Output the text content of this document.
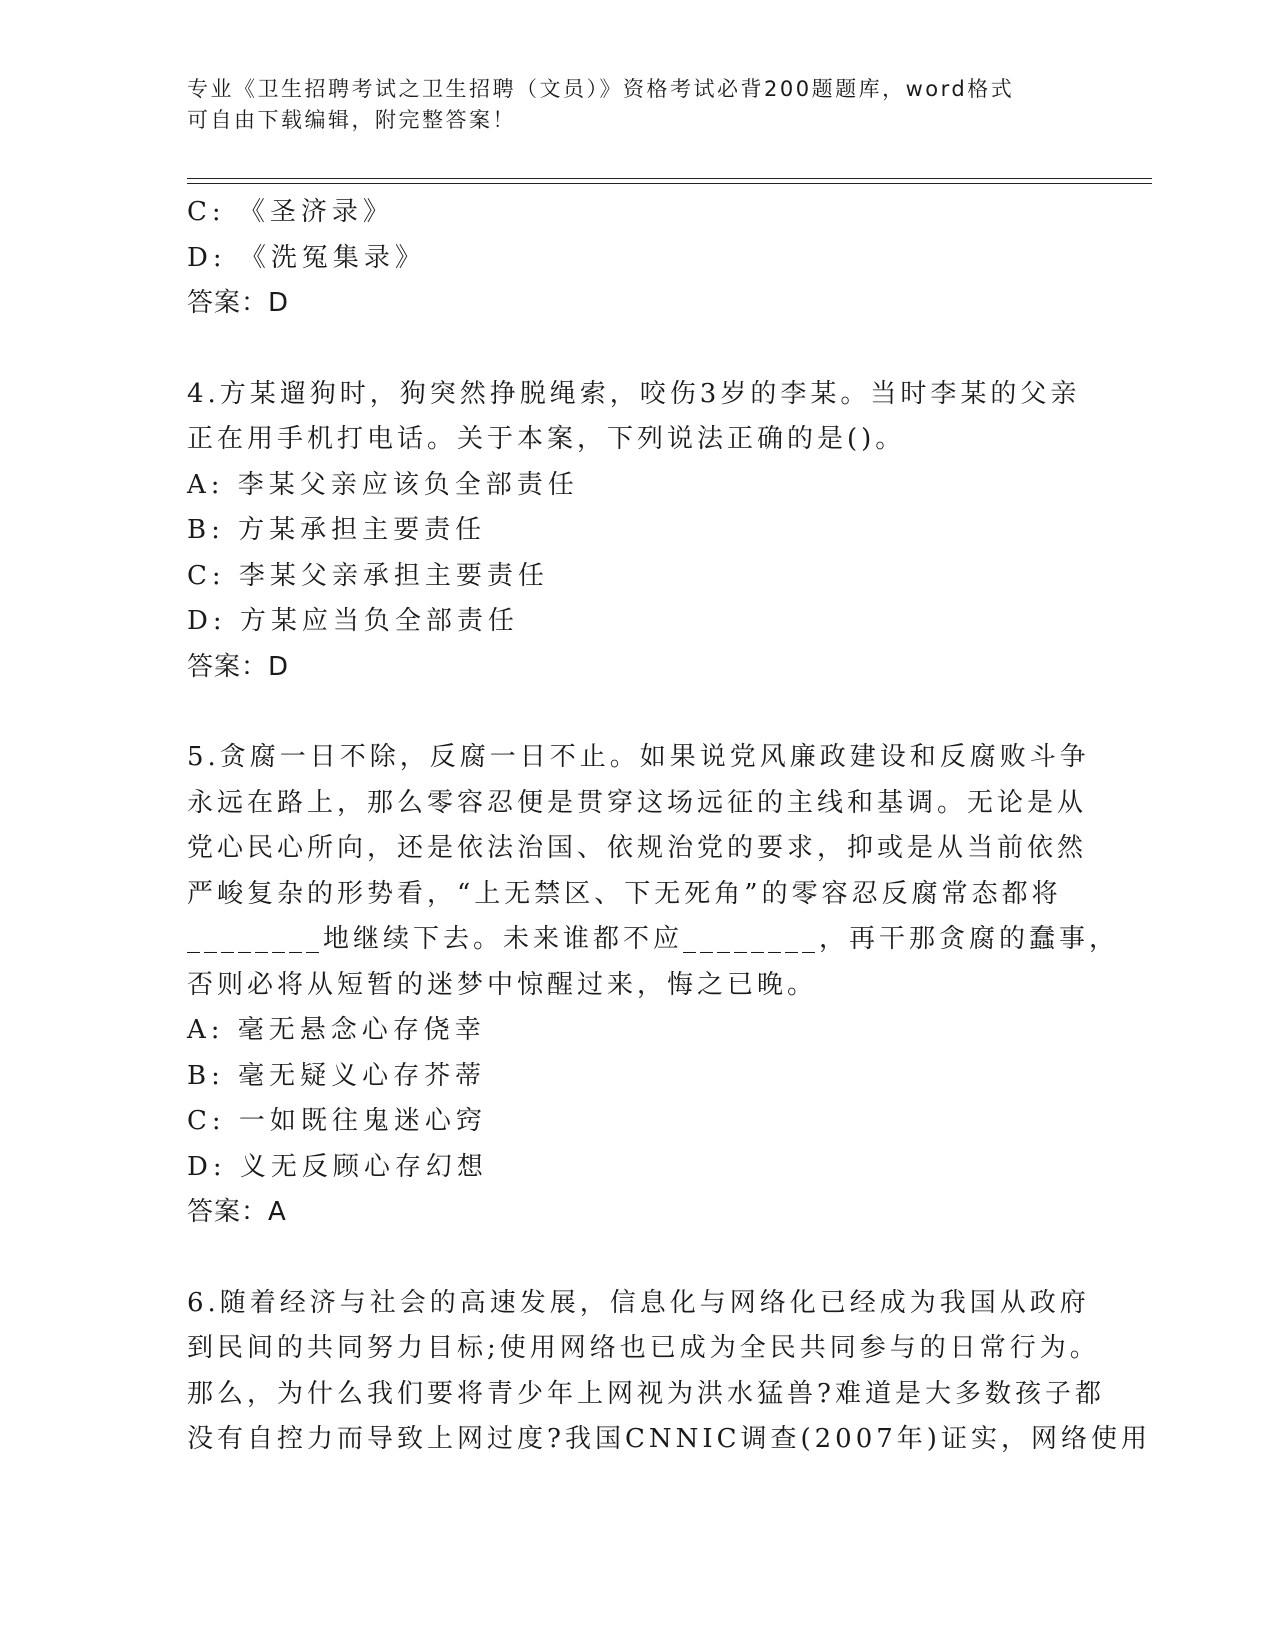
专业《卫生招聘考试之卫生招聘（文员）》资格考试必背200题题库，word格式
可自由下载编辑，附完整答案！

C: 《圣济录》

D: 《洗冤集录》

答案：D

4.方某遛狗时，狗突然挣脱绳索，咬伤3岁的李某。当时李某的父亲

正在用手机打电话。关于本案，下列说法正确的是()。

A: 李某父亲应该负全部责任

B: 方某承担主要责任

C: 李某父亲承担主要责任

D: 方某应当负全部责任

答案：D

5.贪腐一日不除，反腐一日不止。如果说党风廉政建设和反腐败斗争

永远在路上，那么零容忍便是贯穿这场远征的主线和基调。无论是从

党心民心所向，还是依法治国、依规治党的要求，抑或是从当前依然

严峻复杂的形势看，“上无禁区、下无死角”的零容忍反腐常态都将

________地继续下去。未来谁都不应________，再干那贪腐的蠢事，

否则必将从短暂的迷梦中惊醒过来，悔之已晚。

A: 毫无悬念心存侥幸

B: 毫无疑义心存芥蒂

C: 一如既往鬼迷心窍

D: 义无反顾心存幻想

答案：A

6.随着经济与社会的高速发展，信息化与网络化已经成为我国从政府

到民间的共同努力目标;使用网络也已成为全民共同参与的日常行为。

那么，为什么我们要将青少年上网视为洪水猛兽?难道是大多数孩子都

没有自控力而导致上网过度?我国CNNIC调查(2007年)证实，网络使用
